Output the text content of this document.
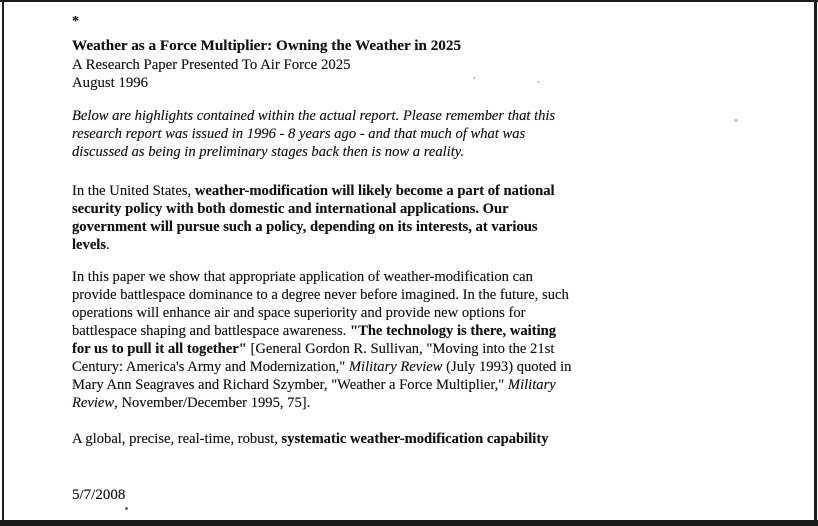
*
Weather as a Force Multiplier: Owning the Weather in 2025
A Research Paper Presented To Air Force 2025
August 1996

Below are highlights contained within the actual report. Please remember that this
research report was issued in 1996 - 8 years ago - and that much of what was
discussed as being in preliminary stages back then is now a reality.

In the United States, weather-modification will likely become a part of national
security policy with both domestic and international applications. Our
government will pursue such a policy, depending on its interests, at various
levels.

In this paper we show that appropriate application of weather-modification can
provide battlespace dominance to a degree never before imagined. In the future, such
operations will enhance air and space superiority and provide new options for
battlespace shaping and battlespace awareness. "The technology is there, waiting
for us to pull it all together" [General Gordon R. Sullivan, "Moving into the 21st
Century: America's Army and Modernization," Military Review (July 1993) quoted in
Mary Ann Seagraves and Richard Szymber, "Weather a Force Multiplier," Military
Review, November/December 1995, 75].

A global, precise, real-time, robust, systematic weather-modification capability

5/7/2008
